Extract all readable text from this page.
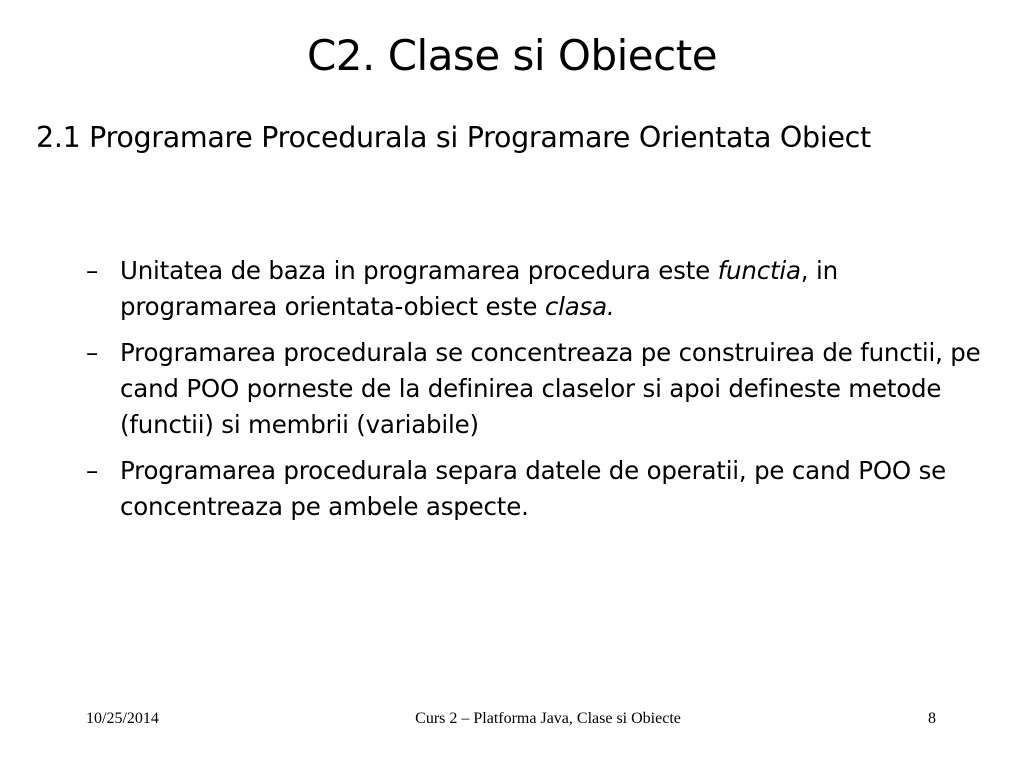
C2. Clase si Obiecte
2.1 Programare Procedurala si Programare Orientata Obiect
– Unitatea de baza in programarea procedura este functia, in programarea orientata-obiect este clasa.
– Programarea procedurala se concentreaza pe construirea de functii, pe cand POO porneste de la definirea claselor si apoi defineste metode (functii) si membrii (variabile)
– Programarea procedurala separa datele de operatii, pe cand POO se concentreaza pe ambele aspecte.
10/25/2014	Curs 2 – Platforma Java, Clase si Obiecte	8
